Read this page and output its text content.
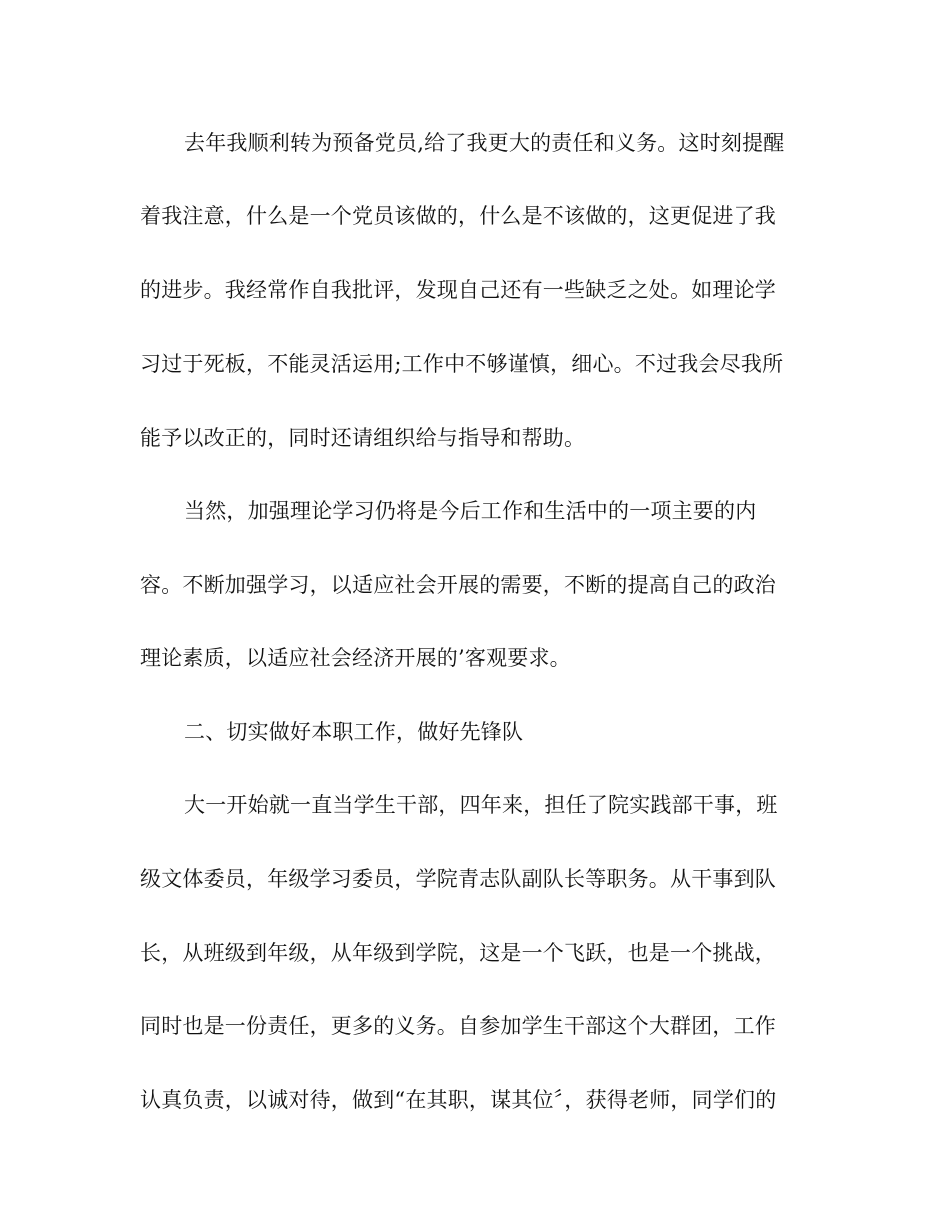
去年我顺利转为预备党员,给了我更大的责任和义务。这时刻提醒
着我注意，什么是一个党员该做的，什么是不该做的，这更促进了我
的进步。我经常作自我批评，发现自己还有一些缺乏之处。如理论学
习过于死板，不能灵活运用;工作中不够谨慎，细心。不过我会尽我所
能予以改正的，同时还请组织给与指导和帮助。
当然，加强理论学习仍将是今后工作和生活中的一项主要的内
容。不断加强学习，以适应社会开展的需要，不断的提高自己的政治
理论素质，以适应社会经济开展的’客观要求。
二、切实做好本职工作，做好先锋队
大一开始就一直当学生干部，四年来，担任了院实践部干事，班
级文体委员，年级学习委员，学院青志队副队长等职务。从干事到队
长，从班级到年级，从年级到学院，这是一个飞跃，也是一个挑战，
同时也是一份责任，更多的义务。自参加学生干部这个大群团，工作
认真负责，以诚对待，做到“在其职，谋其位〞，获得老师，同学们的
